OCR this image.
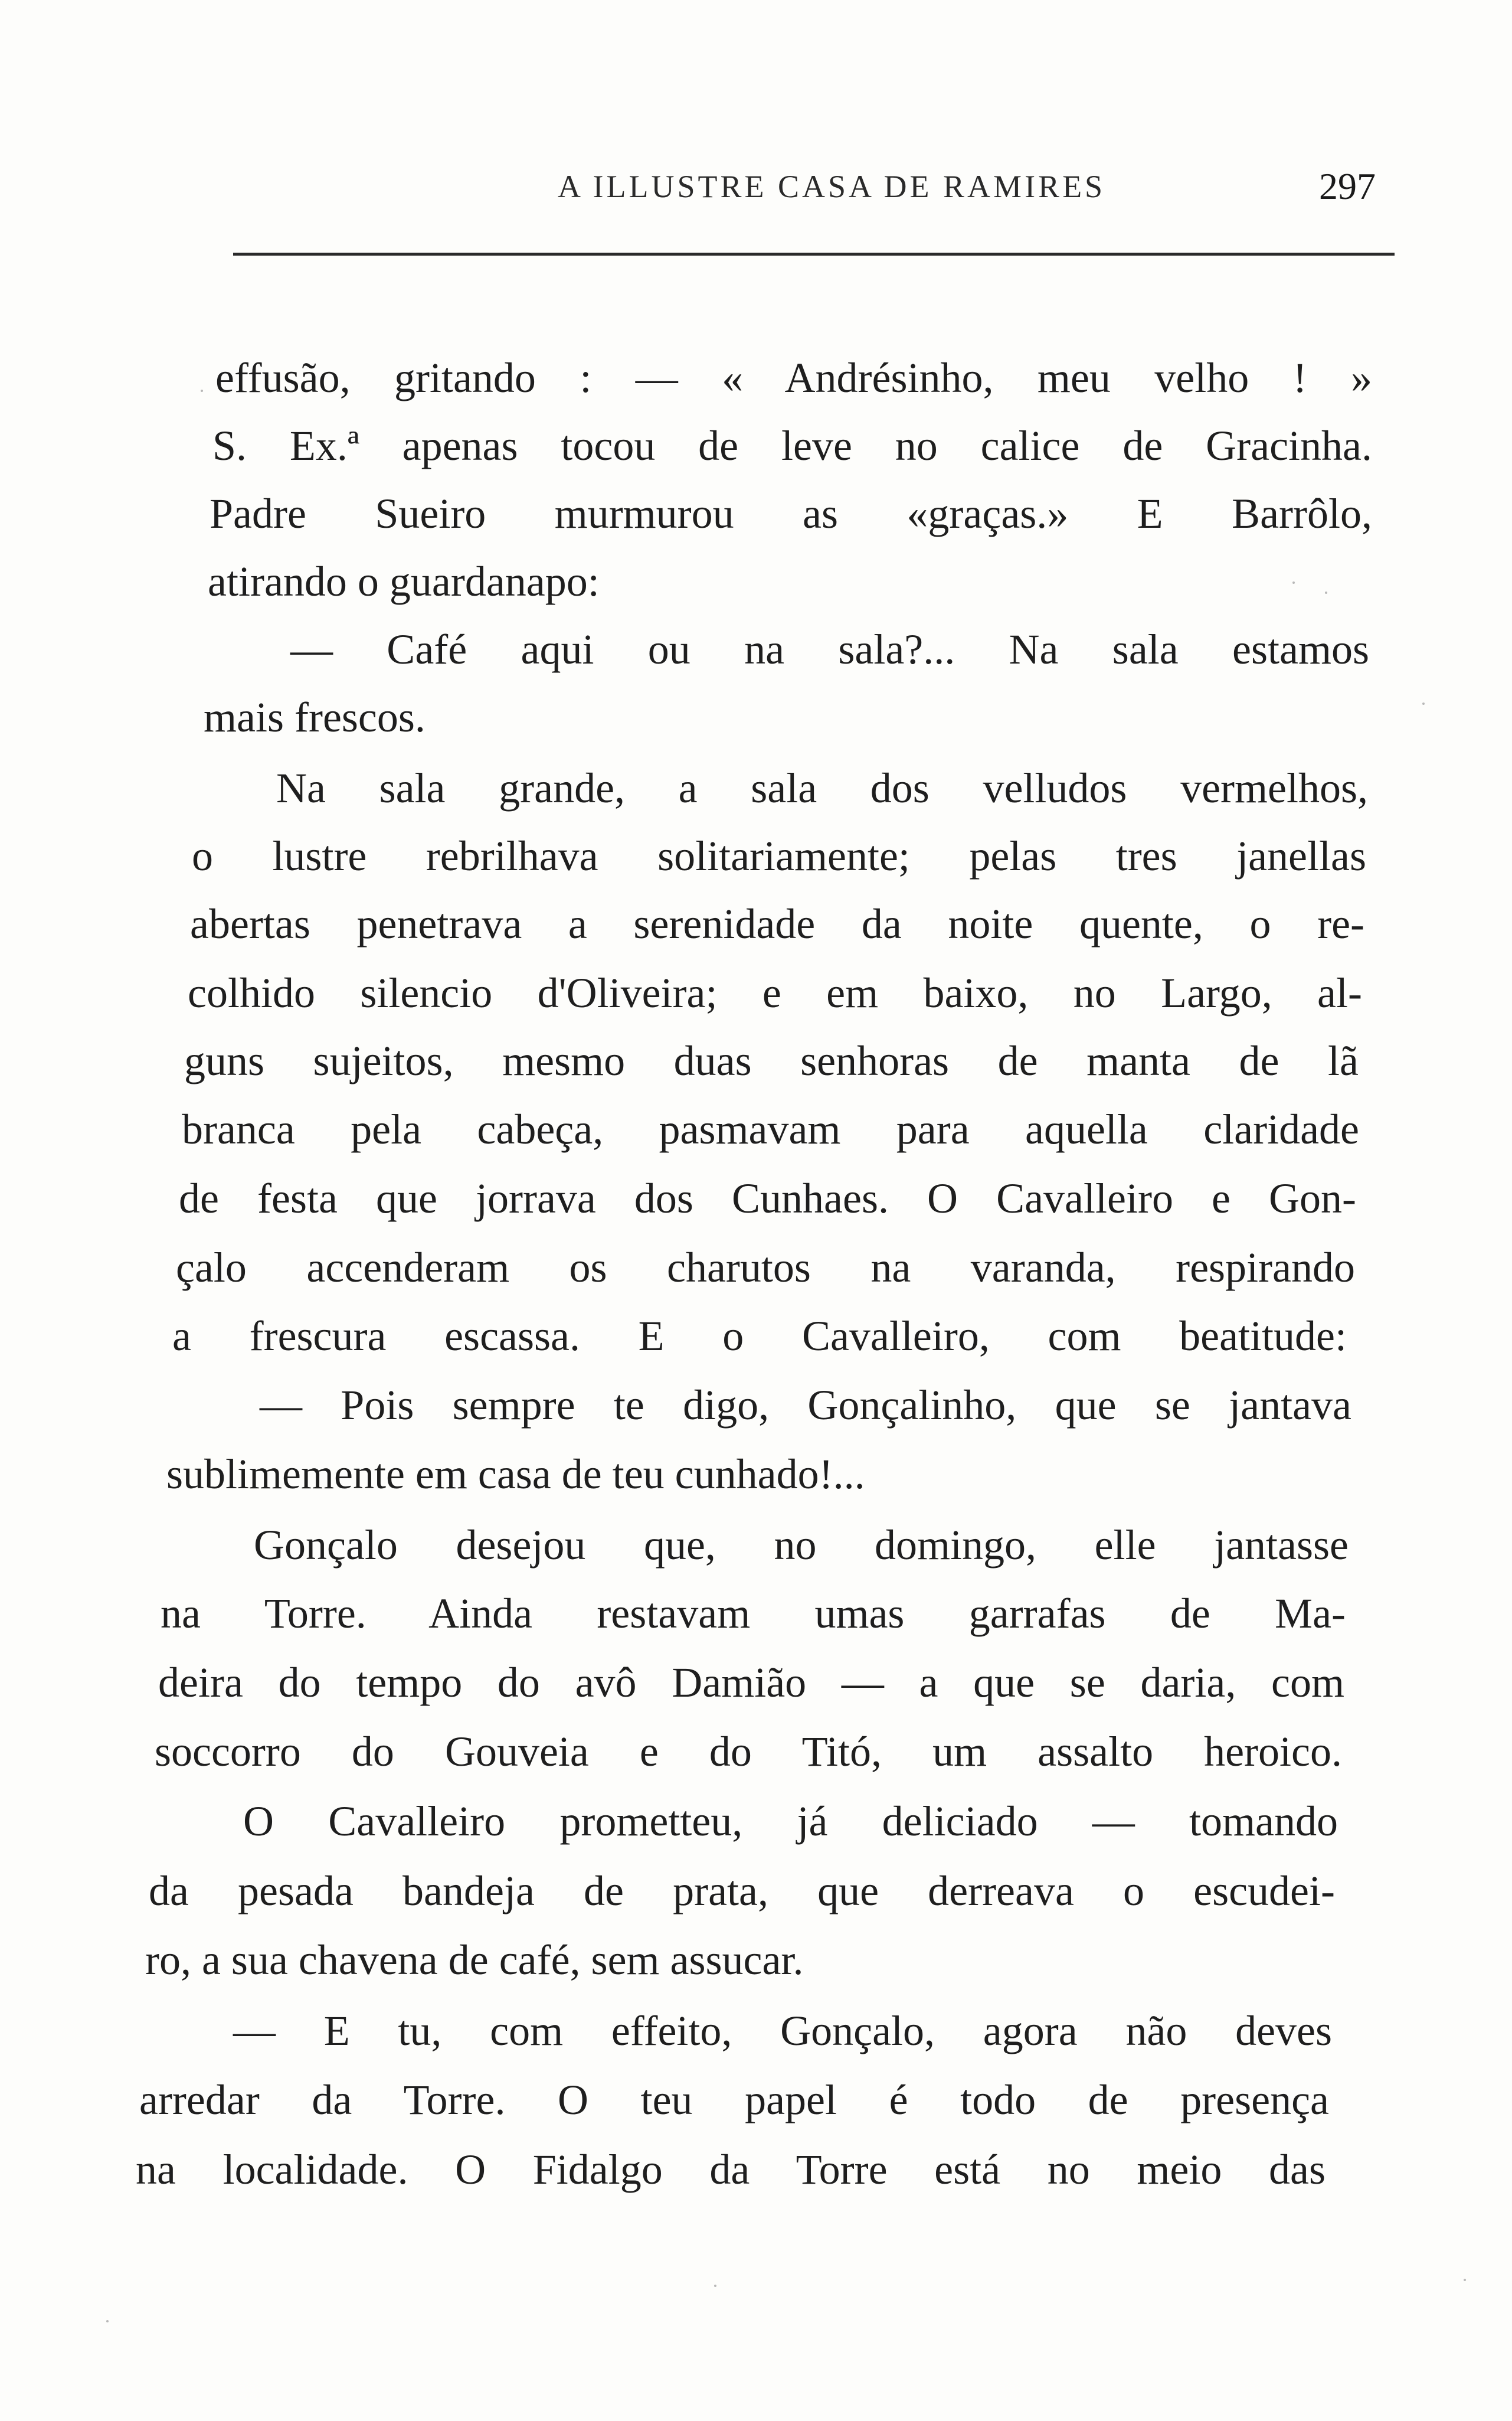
A ILLUSTRE CASA DE RAMIRES	297
effusão, gritando : — « Andrésinho, meu velho ! »
S. Ex.ª apenas tocou de leve no calice de Gracinha.
Padre Sueiro murmurou as «graças.» E Barrôlo,
atirando o guardanapo:
— Café aqui ou na sala?... Na sala estamos
mais frescos.
Na sala grande, a sala dos velludos vermelhos,
o lustre rebrilhava solitariamente; pelas tres janellas
abertas penetrava a serenidade da noite quente, o re-
colhido silencio d'Oliveira; e em baixo, no Largo, al-
guns sujeitos, mesmo duas senhoras de manta de lã
branca pela cabeça, pasmavam para aquella claridade
de festa que jorrava dos Cunhaes. O Cavalleiro e Gon-
çalo accenderam os charutos na varanda, respirando
a frescura escassa. E o Cavalleiro, com beatitude:
— Pois sempre te digo, Gonçalinho, que se jantava
sublimemente em casa de teu cunhado!...
Gonçalo desejou que, no domingo, elle jantasse
na Torre. Ainda restavam umas garrafas de Ma-
deira do tempo do avô Damião — a que se daria, com
soccorro do Gouveia e do Titó, um assalto heroico.
O Cavalleiro prometteu, já deliciado — tomando
da pesada bandeja de prata, que derreava o escudei-
ro, a sua chavena de café, sem assucar.
— E tu, com effeito, Gonçalo, agora não deves
arredar da Torre. O teu papel é todo de presença
na localidade. O Fidalgo da Torre está no meio das
